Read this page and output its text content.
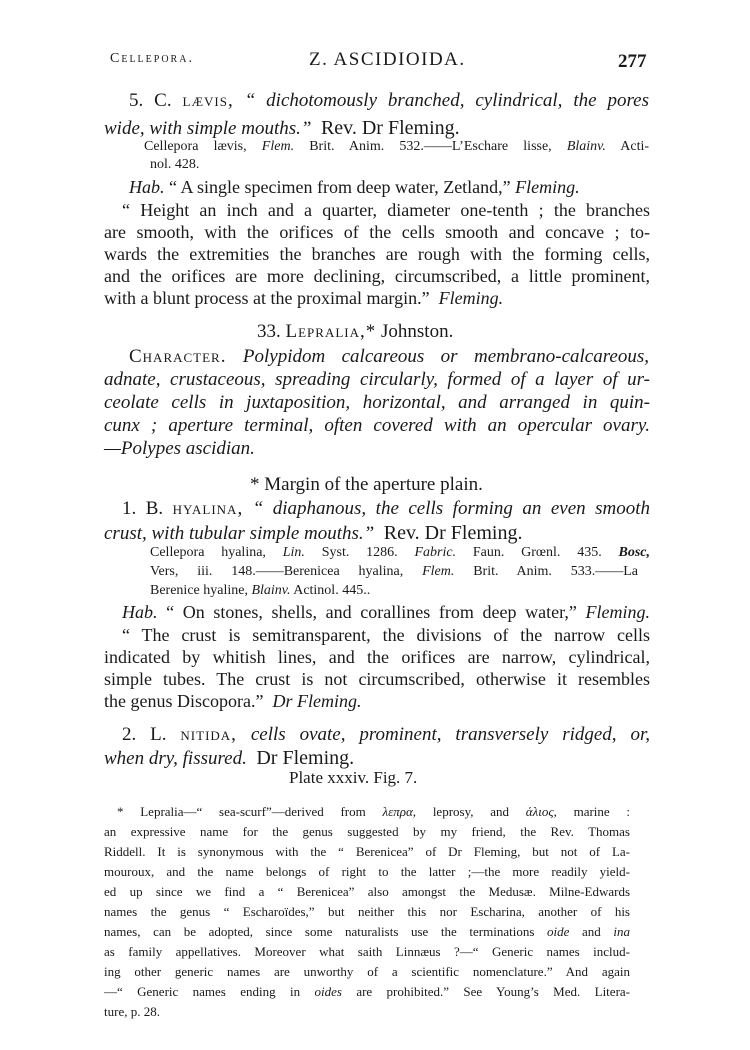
Cellepora.	Z. ASCIDIOIDA.	277
5. C. lævis, “ dichotomously branched, cylindrical, the pores
wide, with simple mouths.” Rev. Dr Fleming.
Cellepora lævis, Flem. Brit. Anim. 532.——L’Eschare lisse, Blainv. Acti-
nol. 428.
Hab. “ A single specimen from deep water, Zetland,” Fleming.
“ Height an inch and a quarter, diameter one-tenth ; the branches
are smooth, with the orifices of the cells smooth and concave ; to-
wards the extremities the branches are rough with the forming cells,
and the orifices are more declining, circumscribed, a little prominent,
with a blunt process at the proximal margin.” Fleming.
33. Lepralia,* Johnston.
Character. Polypidom calcareous or membrano-calcareous,
adnate, crustaceous, spreading circularly, formed of a layer of ur-
ceolate cells in juxtaposition, horizontal, and arranged in quin-
cunx ; aperture terminal, often covered with an opercular ovary.
—Polypes ascidian.
* Margin of the aperture plain.
1. B. hyalina, “ diaphanous, the cells forming an even smooth
crust, with tubular simple mouths.” Rev. Dr Fleming.
Cellepora hyalina, Lin. Syst. 1286. Fabric. Faun. Grœnl. 435. Bosc,
Vers, iii. 148.——Berenicea hyalina, Flem. Brit. Anim. 533.——La
Berenice hyaline, Blainv. Actinol. 445..
Hab. “ On stones, shells, and corallines from deep water,” Fleming.
“ The crust is semitransparent, the divisions of the narrow cells
indicated by whitish lines, and the orifices are narrow, cylindrical,
simple tubes. The crust is not circumscribed, otherwise it resembles
the genus Discopora.” Dr Fleming.
2. L. nitida, cells ovate, prominent, transversely ridged, or,
when dry, fissured. Dr Fleming.
Plate xxxiv. Fig. 7.
* Lepralia—“ sea-scurf”—derived from λεπρα, leprosy, and ἁλιος, marine :
an expressive name for the genus suggested by my friend, the Rev. Thomas
Riddell. It is synonymous with the “ Berenicea” of Dr Fleming, but not of La-
mouroux, and the name belongs of right to the latter ;—the more readily yield-
ed up since we find a “ Berenicea” also amongst the Medusæ. Milne-Edwards
names the genus “ Escharoïdes,” but neither this nor Escharina, another of his
names, can be adopted, since some naturalists use the terminations oide and ina
as family appellatives. Moreover what saith Linnæus ?—“ Generic names includ-
ing other generic names are unworthy of a scientific nomenclature.” And again
—“ Generic names ending in oides are prohibited.” See Young’s Med. Litera-
ture, p. 28.
